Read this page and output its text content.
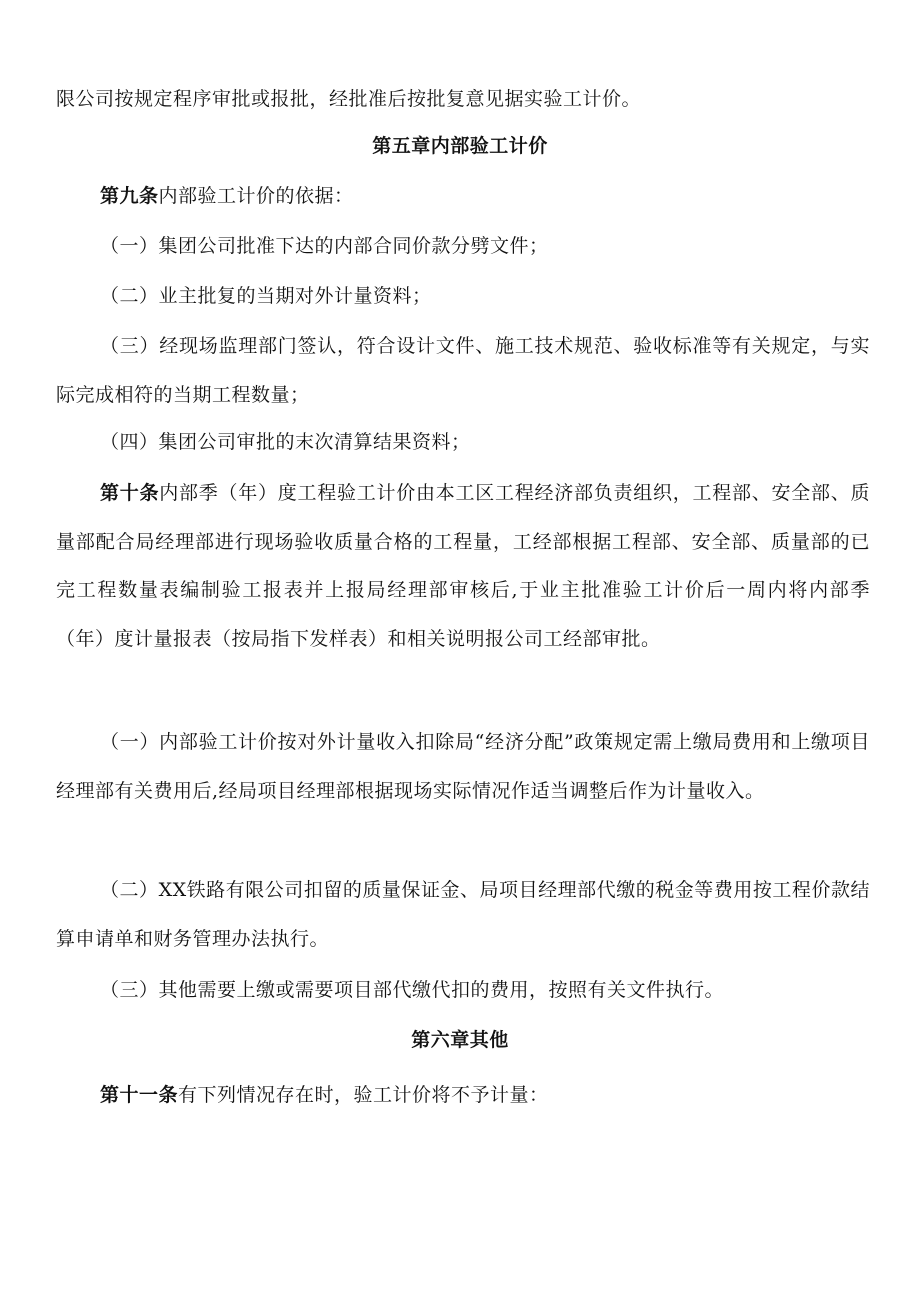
限公司按规定程序审批或报批，经批准后按批复意见据实验工计价。

第五章内部验工计价

第九条内部验工计价的依据：

（一）集团公司批准下达的内部合同价款分劈文件；

（二）业主批复的当期对外计量资料；

（三）经现场监理部门签认，符合设计文件、施工技术规范、验收标准等有关规定，与实际完成相符的当期工程数量；

（四）集团公司审批的末次清算结果资料；

第十条内部季（年）度工程验工计价由本工区工程经济部负责组织，工程部、安全部、质量部配合局经理部进行现场验收质量合格的工程量，工经部根据工程部、安全部、质量部的已完工程数量表编制验工报表并上报局经理部审核后,于业主批准验工计价后一周内将内部季（年）度计量报表（按局指下发样表）和相关说明报公司工经部审批。

（一）内部验工计价按对外计量收入扣除局“经济分配”政策规定需上缴局费用和上缴项目经理部有关费用后,经局项目经理部根据现场实际情况作适当调整后作为计量收入。

（二）XX铁路有限公司扣留的质量保证金、局项目经理部代缴的税金等费用按工程价款结算申请单和财务管理办法执行。

（三）其他需要上缴或需要项目部代缴代扣的费用，按照有关文件执行。

第六章其他

第十一条有下列情况存在时，验工计价将不予计量：
